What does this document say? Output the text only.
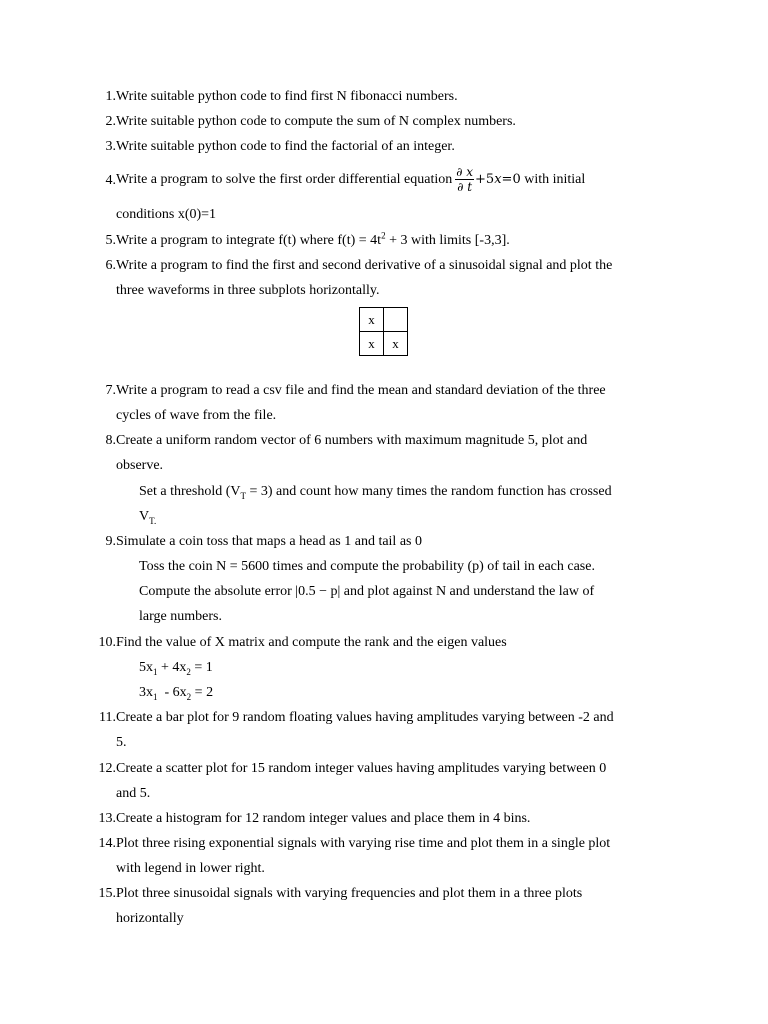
1. Write suitable python code to find first N fibonacci numbers.
2. Write suitable python code to compute the sum of N complex numbers.
3. Write suitable python code to find the factorial of an integer.
4. Write a program to solve the first order differential equation $\frac{\partial x}{\partial t} +5x=0$ with initial
conditions x(0)=1
5. Write a program to integrate f(t) where $f(t) = 4t^2 + 3$ with limits [-3,3].
6. Write a program to find the first and second derivative of a sinusoidal signal and plot the
three waveforms in three subplots horizontally.
x	
x	x
7. Write a program to read a csv file and find the mean and standard deviation of the three
cycles of wave from the file.
8. Create a uniform random vector of 6 numbers with maximum magnitude 5, plot and
observe.
Set a threshold $(V_T = 3)$ and count how many times the random function has crossed
$V_{T.}$
9. Simulate a coin toss that maps a head as 1 and tail as 0
Toss the coin N = 5600 times and compute the probability (p) of tail in each case.
Compute the absolute error |0.5 − p| and plot against N and understand the law of
large numbers.
10. Find the value of X matrix and compute the rank and the eigen values
$5x_1 + 4x_2 = 1$
$3x_1 - 6x_2 = 2$
11. Create a bar plot for 9 random floating values having amplitudes varying between -2 and
5.
12. Create a scatter plot for 15 random integer values having amplitudes varying between 0
and 5.
13. Create a histogram for 12 random integer values and place them in 4 bins.
14. Plot three rising exponential signals with varying rise time and plot them in a single plot
with legend in lower right.
15. Plot three sinusoidal signals with varying frequencies and plot them in a three plots
horizontally
